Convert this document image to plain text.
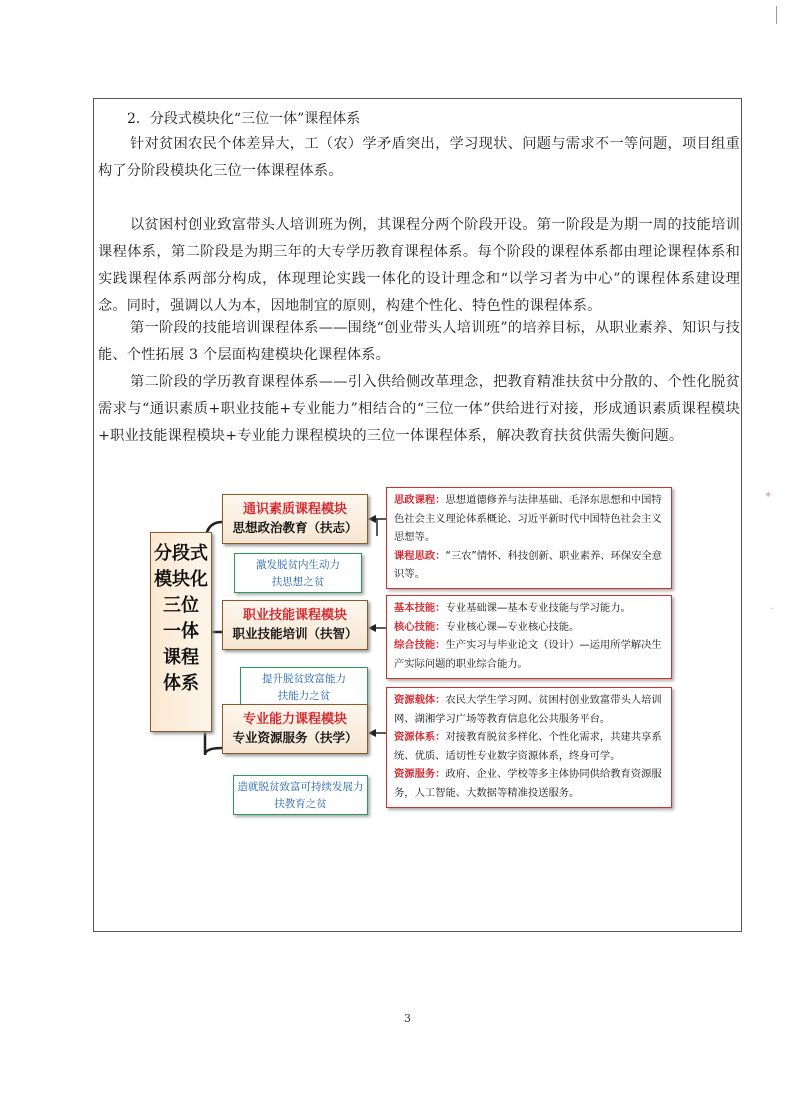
✦
·
2．分段式模块化“三位一体”课程体系
针对贫困农民个体差异大，工（农）学矛盾突出，学习现状、问题与需求不一等问题，项目组重构了分阶段模块化三位一体课程体系。
以贫困村创业致富带头人培训班为例，其课程分两个阶段开设。第一阶段是为期一周的技能培训课程体系，第二阶段是为期三年的大专学历教育课程体系。每个阶段的课程体系都由理论课程体系和实践课程体系两部分构成，体现理论实践一体化的设计理念和“以学习者为中心”的课程体系建设理念。同时，强调以人为本，因地制宜的原则，构建个性化、特色性的课程体系。
第一阶段的技能培训课程体系——围绕“创业带头人培训班”的培养目标，从职业素养、知识与技能、个性拓展 3 个层面构建模块化课程体系。
第二阶段的学历教育课程体系——引入供给侧改革理念，把教育精准扶贫中分散的、个性化脱贫需求与“通识素质+职业技能+专业能力”相结合的“三位一体”供给进行对接，形成通识素质课程模块+职业技能课程模块+专业能力课程模块的三位一体课程体系，解决教育扶贫供需失衡问题。
分段式
模块化
三位
一体
课程
体系
通识素质课程模块
思想政治教育（扶志）
激发脱贫内生动力
扶思想之贫
职业技能课程模块
职业技能培训（扶智）
提升脱贫致富能力
扶能力之贫
专业能力课程模块
专业资源服务（扶学）
造就脱贫致富可持续发展力
扶教育之贫

思政课程：思想道德修养与法律基础、毛泽东思想和中国特色社会主义理论体系概论、习近平新时代中国特色社会主义思想等。

课程思政：“三农”情怀、科技创新、职业素养、环保安全意识等。

基本技能：专业基础课—基本专业技能与学习能力。

核心技能：专业核心课—专业核心技能。

综合技能：生产实习与毕业论文（设计）—运用所学解决生产实际问题的职业综合能力。

资源载体：农民大学生学习网、贫困村创业致富带头人培训网、湖湘学习广场等教育信息化公共服务平台。

资源体系：对接教育脱贫多样化、个性化需求，共建共享系统、优质、适切性专业数字资源体系，终身可学。

资源服务：政府、企业、学校等多主体协同供给教育资源服务，人工智能、大数据等精准投送服务。

3
